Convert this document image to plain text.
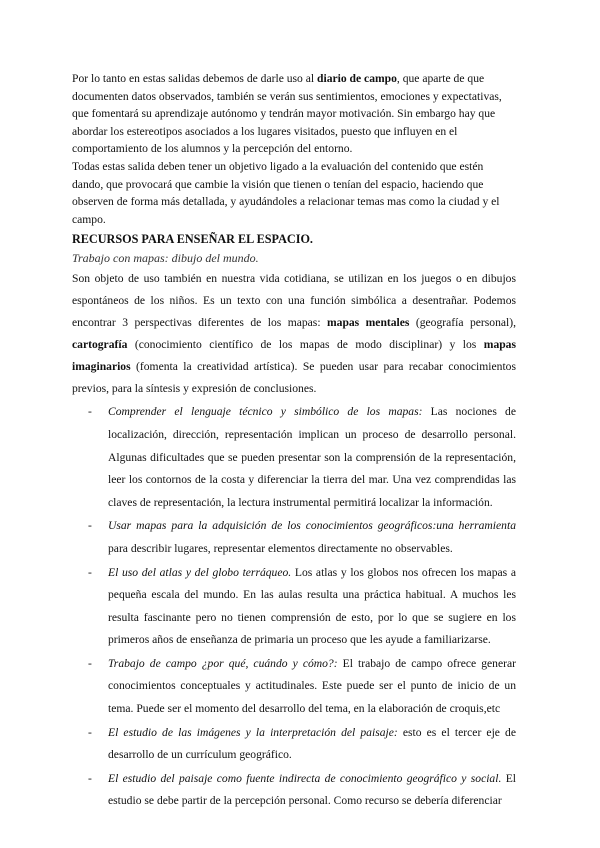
Por lo tanto en estas salidas debemos de darle uso al diario de campo, que aparte de que documenten datos observados, también se verán sus sentimientos, emociones y expectativas, que fomentará su aprendizaje autónomo y tendrán mayor motivación. Sin embargo hay que abordar los estereotipos asociados a los lugares visitados, puesto que influyen en el comportamiento de los alumnos y la percepción del entorno.

Todas estas salida deben tener un objetivo ligado a la evaluación del contenido que estén dando, que provocará que cambie la visión que tienen o tenían del espacio, haciendo que observen de forma más detallada, y ayudándoles a relacionar temas mas como la ciudad y el campo.

RECURSOS PARA ENSEÑAR EL ESPACIO.

Trabajo con mapas: dibujo del mundo.

Son objeto de uso también en nuestra vida cotidiana, se utilizan en los juegos o en dibujos espontáneos de los niños. Es un texto con una función simbólica a desentrañar. Podemos encontrar 3 perspectivas diferentes de los mapas: mapas mentales (geografía personal), cartografía (conocimiento científico de los mapas de modo disciplinar) y los mapas imaginarios (fomenta la creatividad artística). Se pueden usar para recabar conocimientos previos, para la síntesis y expresión de conclusiones.

- Comprender el lenguaje técnico y simbólico de los mapas: Las nociones de localización, dirección, representación implican un proceso de desarrollo personal. Algunas dificultades que se pueden presentar son la comprensión de la representación, leer los contornos de la costa y diferenciar la tierra del mar. Una vez comprendidas las claves de representación, la lectura instrumental permitirá localizar la información.
- Usar mapas para la adquisición de los conocimientos geográficos:una herramienta para describir lugares, representar elementos directamente no observables.
- El uso del atlas y del globo terráqueo. Los atlas y los globos nos ofrecen los mapas a pequeña escala del mundo. En las aulas resulta una práctica habitual. A muchos les resulta fascinante pero no tienen comprensión de esto, por lo que se sugiere en los primeros años de enseñanza de primaria un proceso que les ayude a familiarizarse.
- Trabajo de campo ¿por qué, cuándo y cómo?: El trabajo de campo ofrece generar conocimientos conceptuales y actitudinales. Este puede ser el punto de inicio de un tema. Puede ser el momento del desarrollo del tema, en la elaboración de croquis,etc
- El estudio de las imágenes y la interpretación del paisaje: esto es el tercer eje de desarrollo de un currículum geográfico.
- El estudio del paisaje como fuente indirecta de conocimiento geográfico y social. El estudio se debe partir de la percepción personal. Como recurso se debería diferenciar
